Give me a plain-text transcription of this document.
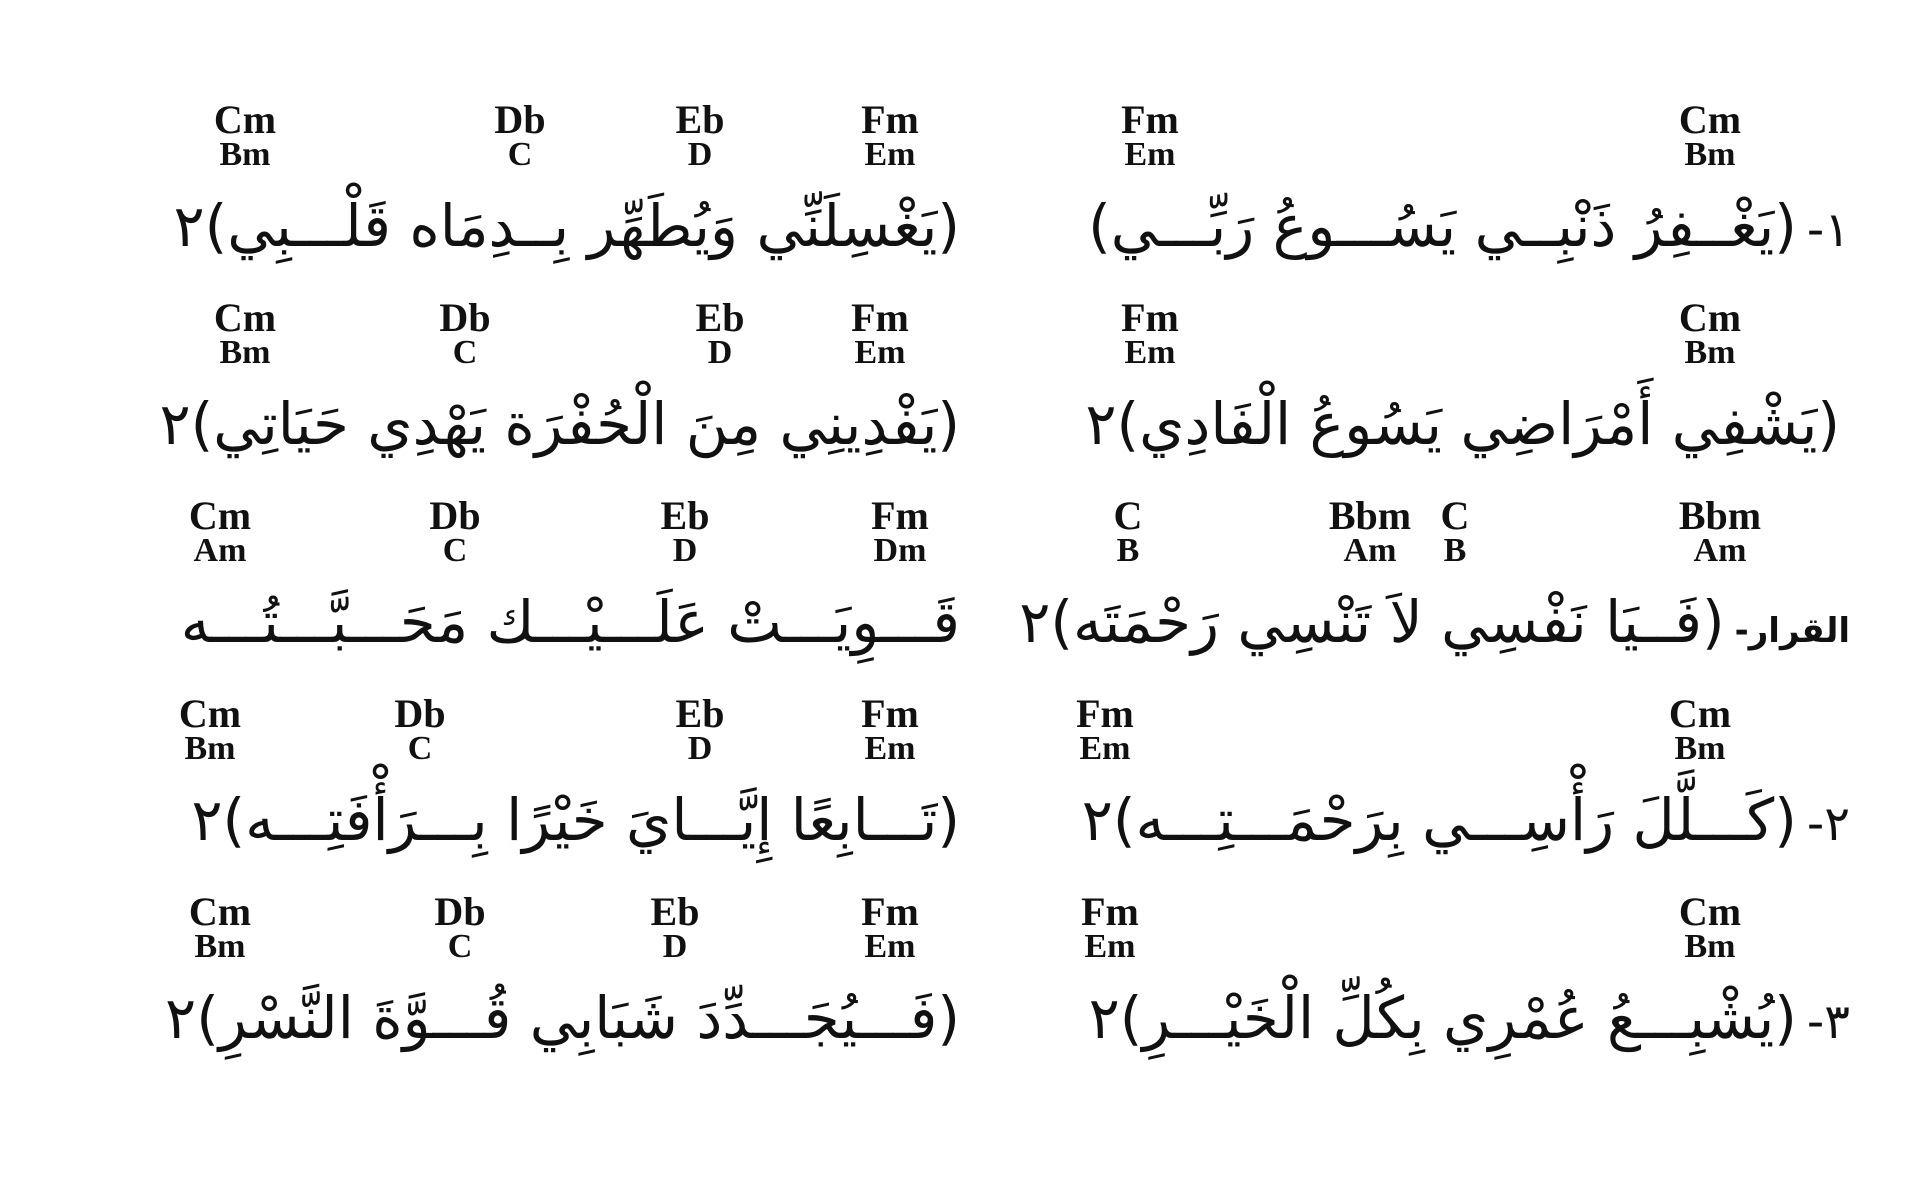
Cm
Bm
Fm
Em
١-(يَغْــفِرُ ذَنْبِــي يَسُـــوعُ رَبِّـــي)
Cm
Bm
Fm
Em
(يَشْفِي أَمْرَاضِي يَسُوعُ الْفَادِي)٢
Bbm
Am
C
B
Bbm
Am
C
B
القرار-(فَــيَا نَفْسِي لاَ تَنْسِي رَحْمَتَه)٢
Cm
Bm
Fm
Em
٢-(كَـــلَّلَ رَأْسِـــي بِرَحْمَـــتِـــه)٢
Cm
Bm
Fm
Em
٣-(يُشْبِـــعُ عُمْرِي بِكُلِّ الْخَيْـــرِ)٢
Fm
Em
Eb
D
Db
C
Cm
Bm
(يَغْسِلَنِّي وَيُطَهِّر بِــدِمَاه قَلْـــبِي)٢
Fm
Em
Eb
D
Db
C
Cm
Bm
(يَفْدِينِي مِنَ الْحُفْرَة يَهْدِي حَيَاتِي)٢
Fm
Dm
Eb
D
Db
C
Cm
Am
قَـــوِيَـــتْ عَلَـــيْـــك مَحَـــبَّـــتُـــه
Fm
Em
Eb
D
Db
C
Cm
Bm
(تَـــابِعًا إِيَّـــايَ خَيْرًا بِـــرَأْفَتِـــه)٢
Fm
Em
Eb
D
Db
C
Cm
Bm
(فَـــيُجَـــدِّدَ شَبَابِي قُـــوَّةَ النَّسْرِ)٢
